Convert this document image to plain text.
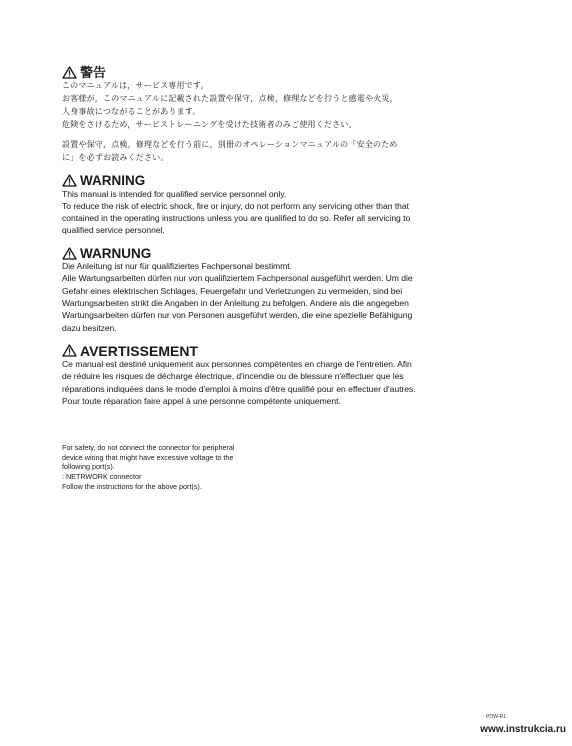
警告

このマニュアルは，サービス専用です。
お客様が，このマニュアルに記載された設置や保守，点検，修理などを行うと感電や火災，
人身事故につながることがあります。
危険をさけるため，サービストレーニングを受けた技術者のみご使用ください。

設置や保守，点検，修理などを行う前に，別冊のオペレーションマニュアルの「安全のため
に」を必ずお読みください。

WARNING

This manual is intended for qualified service personnel only.
To reduce the risk of electric shock, fire or injury, do not perform any servicing other than that
contained in the operating instructions unless you are qualified to do so. Refer all servicing to
qualified service personnel.

WARNUNG

Die Anleitung ist nur für qualifiziertes Fachpersonal bestimmt.
Alle Wartungsarbeiten dürfen nur von qualifiziertem Fachpersonal ausgeführt werden. Um die
Gefahr eines elektrischen Schlages, Feuergefahr und Verletzungen zu vermeiden, sind bei
Wartungsarbeiten strikt die Angaben in der Anleitung zu befolgen. Andere als die angegeben
Wartungsarbeiten dürfen nur von Personen ausgeführt werden, die eine spezielle Befähigung
dazu besitzen.

AVERTISSEMENT

Ce manual est destiné uniquement aux personnes compétentes en charge de l'entretien. Afin
de réduire les risques de décharge électrique, d'incendie ou de blessure n'effectuer que les
réparations indiquées dans le mode d'emploi à moins d'être qualifié pour en effectuer d'autres.
Pour toute réparation faire appel à une personne compétente uniquement.

For safety, do not connect the connector for peripheral
device wiring that might have excessive voltage to the
following port(s).
: NETRWORK connector
Follow the instructions for the above port(s).
POW-R1
www.instrukcia.ru
